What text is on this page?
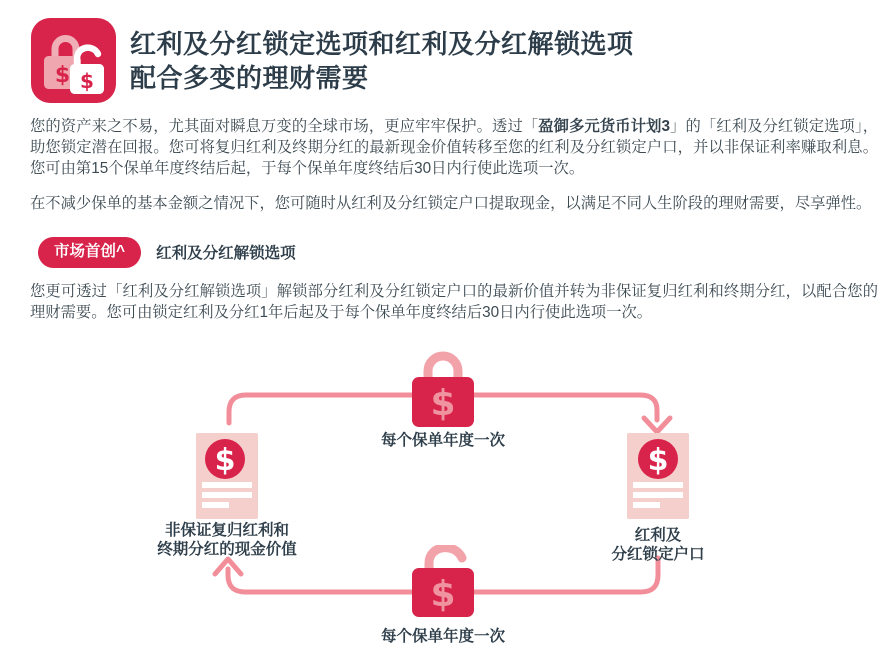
$ $
红利及分红锁定选项和红利及分红解锁选项
配合多变的理财需要

您的资产来之不易，尤其面对瞬息万变的全球市场，更应牢牢保护。透过「盈御多元货币计划3」的「红利及分红锁定选项」，助您锁定潜在回报。您可将复归红利及终期分红的最新现金价值转移至您的红利及分红锁定户口，并以非保证利率赚取利息。您可由第15个保单年度终结后起，于每个保单年度终结后30日内行使此选项一次。

在不减少保单的基本金额之情况下，您可随时从红利及分红锁定户口提取现金，以满足不同人生阶段的理财需要，尽享弹性。

市场首创^	红利及分红解锁选项

您更可透过「红利及分红解锁选项」解锁部分红利及分红锁定户口的最新价值并转为非保证复归红利和终期分红，以配合您的理财需要。您可由锁定红利及分红1年后起及于每个保单年度终结后30日内行使此选项一次。

$
每个保单年度一次
$
非保证复归红利和
终期分红的现金价值
$
红利及
分红锁定户口
$
每个保单年度一次
